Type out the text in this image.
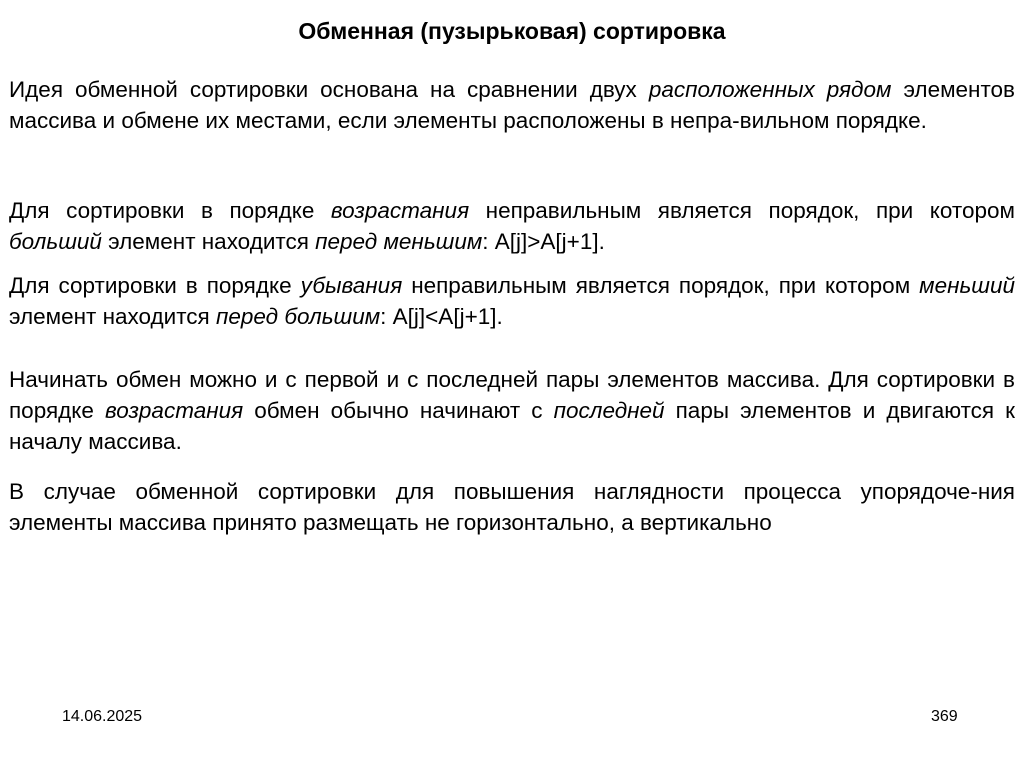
Обменная (пузырьковая) сортировка
Идея обменной сортировки основана на сравнении двух расположенных рядом элементов массива и обмене их местами, если элементы расположены в непра-вильном порядке.
Для сортировки в порядке возрастания неправильным является порядок, при котором больший элемент находится перед меньшим: A[j]>A[j+1].
Для сортировки в порядке убывания неправильным является порядок, при котором меньший элемент находится перед большим: A[j]<A[j+1].
Начинать обмен можно и с первой и с последней пары элементов массива. Для сортировки в порядке возрастания обмен обычно начинают с последней пары элементов и двигаются к началу массива.
В случае обменной сортировки для повышения наглядности процесса упорядоче-ния элементы массива принято размещать не горизонтально, а вертикально
14.06.2025	369
